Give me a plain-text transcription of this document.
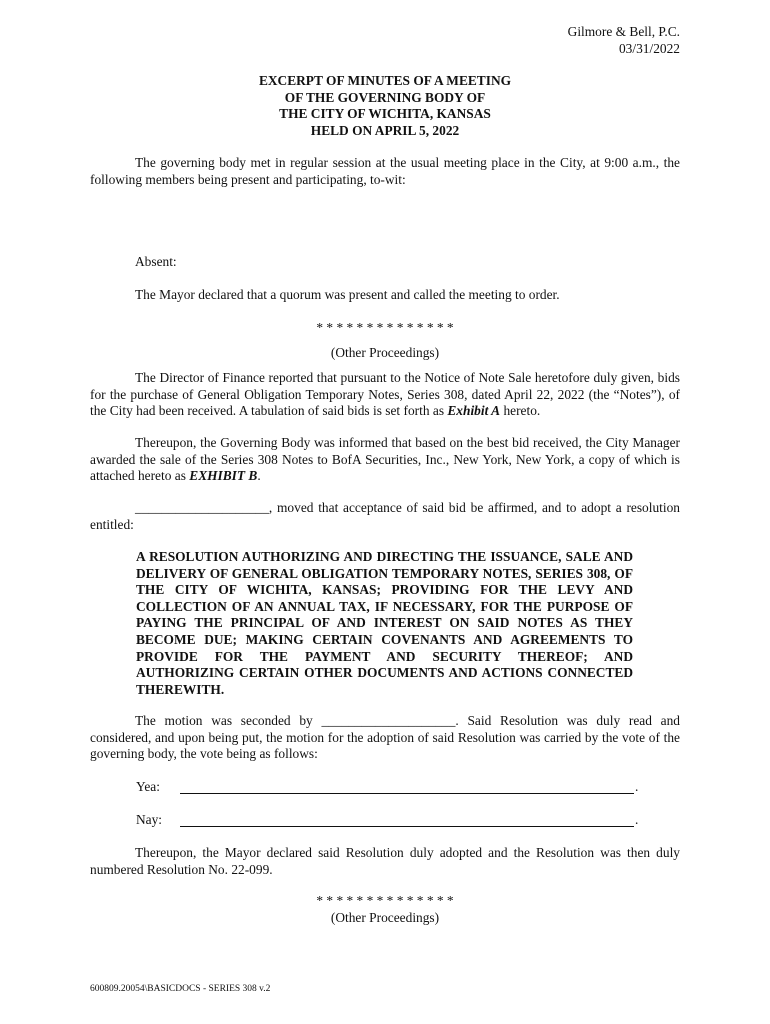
Gilmore & Bell, P.C.
03/31/2022
EXCERPT OF MINUTES OF A MEETING
OF THE GOVERNING BODY OF
THE CITY OF WICHITA, KANSAS
HELD ON APRIL 5, 2022
The governing body met in regular session at the usual meeting place in the City, at 9:00 a.m., the following members being present and participating, to-wit:
Absent:
The Mayor declared that a quorum was present and called the meeting to order.
* * * * * * * * * * * * * *
(Other Proceedings)
The Director of Finance reported that pursuant to the Notice of Note Sale heretofore duly given, bids for the purchase of General Obligation Temporary Notes, Series 308, dated April 22, 2022 (the “Notes”), of the City had been received. A tabulation of said bids is set forth as Exhibit A hereto.
Thereupon, the Governing Body was informed that based on the best bid received, the City Manager awarded the sale of the Series 308 Notes to BofA Securities, Inc., New York, New York, a copy of which is attached hereto as EXHIBIT B.
____________________, moved that acceptance of said bid be affirmed, and to adopt a resolution entitled:
A RESOLUTION AUTHORIZING AND DIRECTING THE ISSUANCE, SALE AND DELIVERY OF GENERAL OBLIGATION TEMPORARY NOTES, SERIES 308, OF THE CITY OF WICHITA, KANSAS; PROVIDING FOR THE LEVY AND COLLECTION OF AN ANNUAL TAX, IF NECESSARY, FOR THE PURPOSE OF PAYING THE PRINCIPAL OF AND INTEREST ON SAID NOTES AS THEY BECOME DUE; MAKING CERTAIN COVENANTS AND AGREEMENTS TO PROVIDE FOR THE PAYMENT AND SECURITY THEREOF; AND AUTHORIZING CERTAIN OTHER DOCUMENTS AND ACTIONS CONNECTED THEREWITH.
The motion was seconded by ____________________. Said Resolution was duly read and considered, and upon being put, the motion for the adoption of said Resolution was carried by the vote of the governing body, the vote being as follows:
Yea:	.
Nay:	.
Thereupon, the Mayor declared said Resolution duly adopted and the Resolution was then duly numbered Resolution No. 22-099.
* * * * * * * * * * * * * *
(Other Proceedings)
600809.20054\BASICDOCS - SERIES 308 v.2
